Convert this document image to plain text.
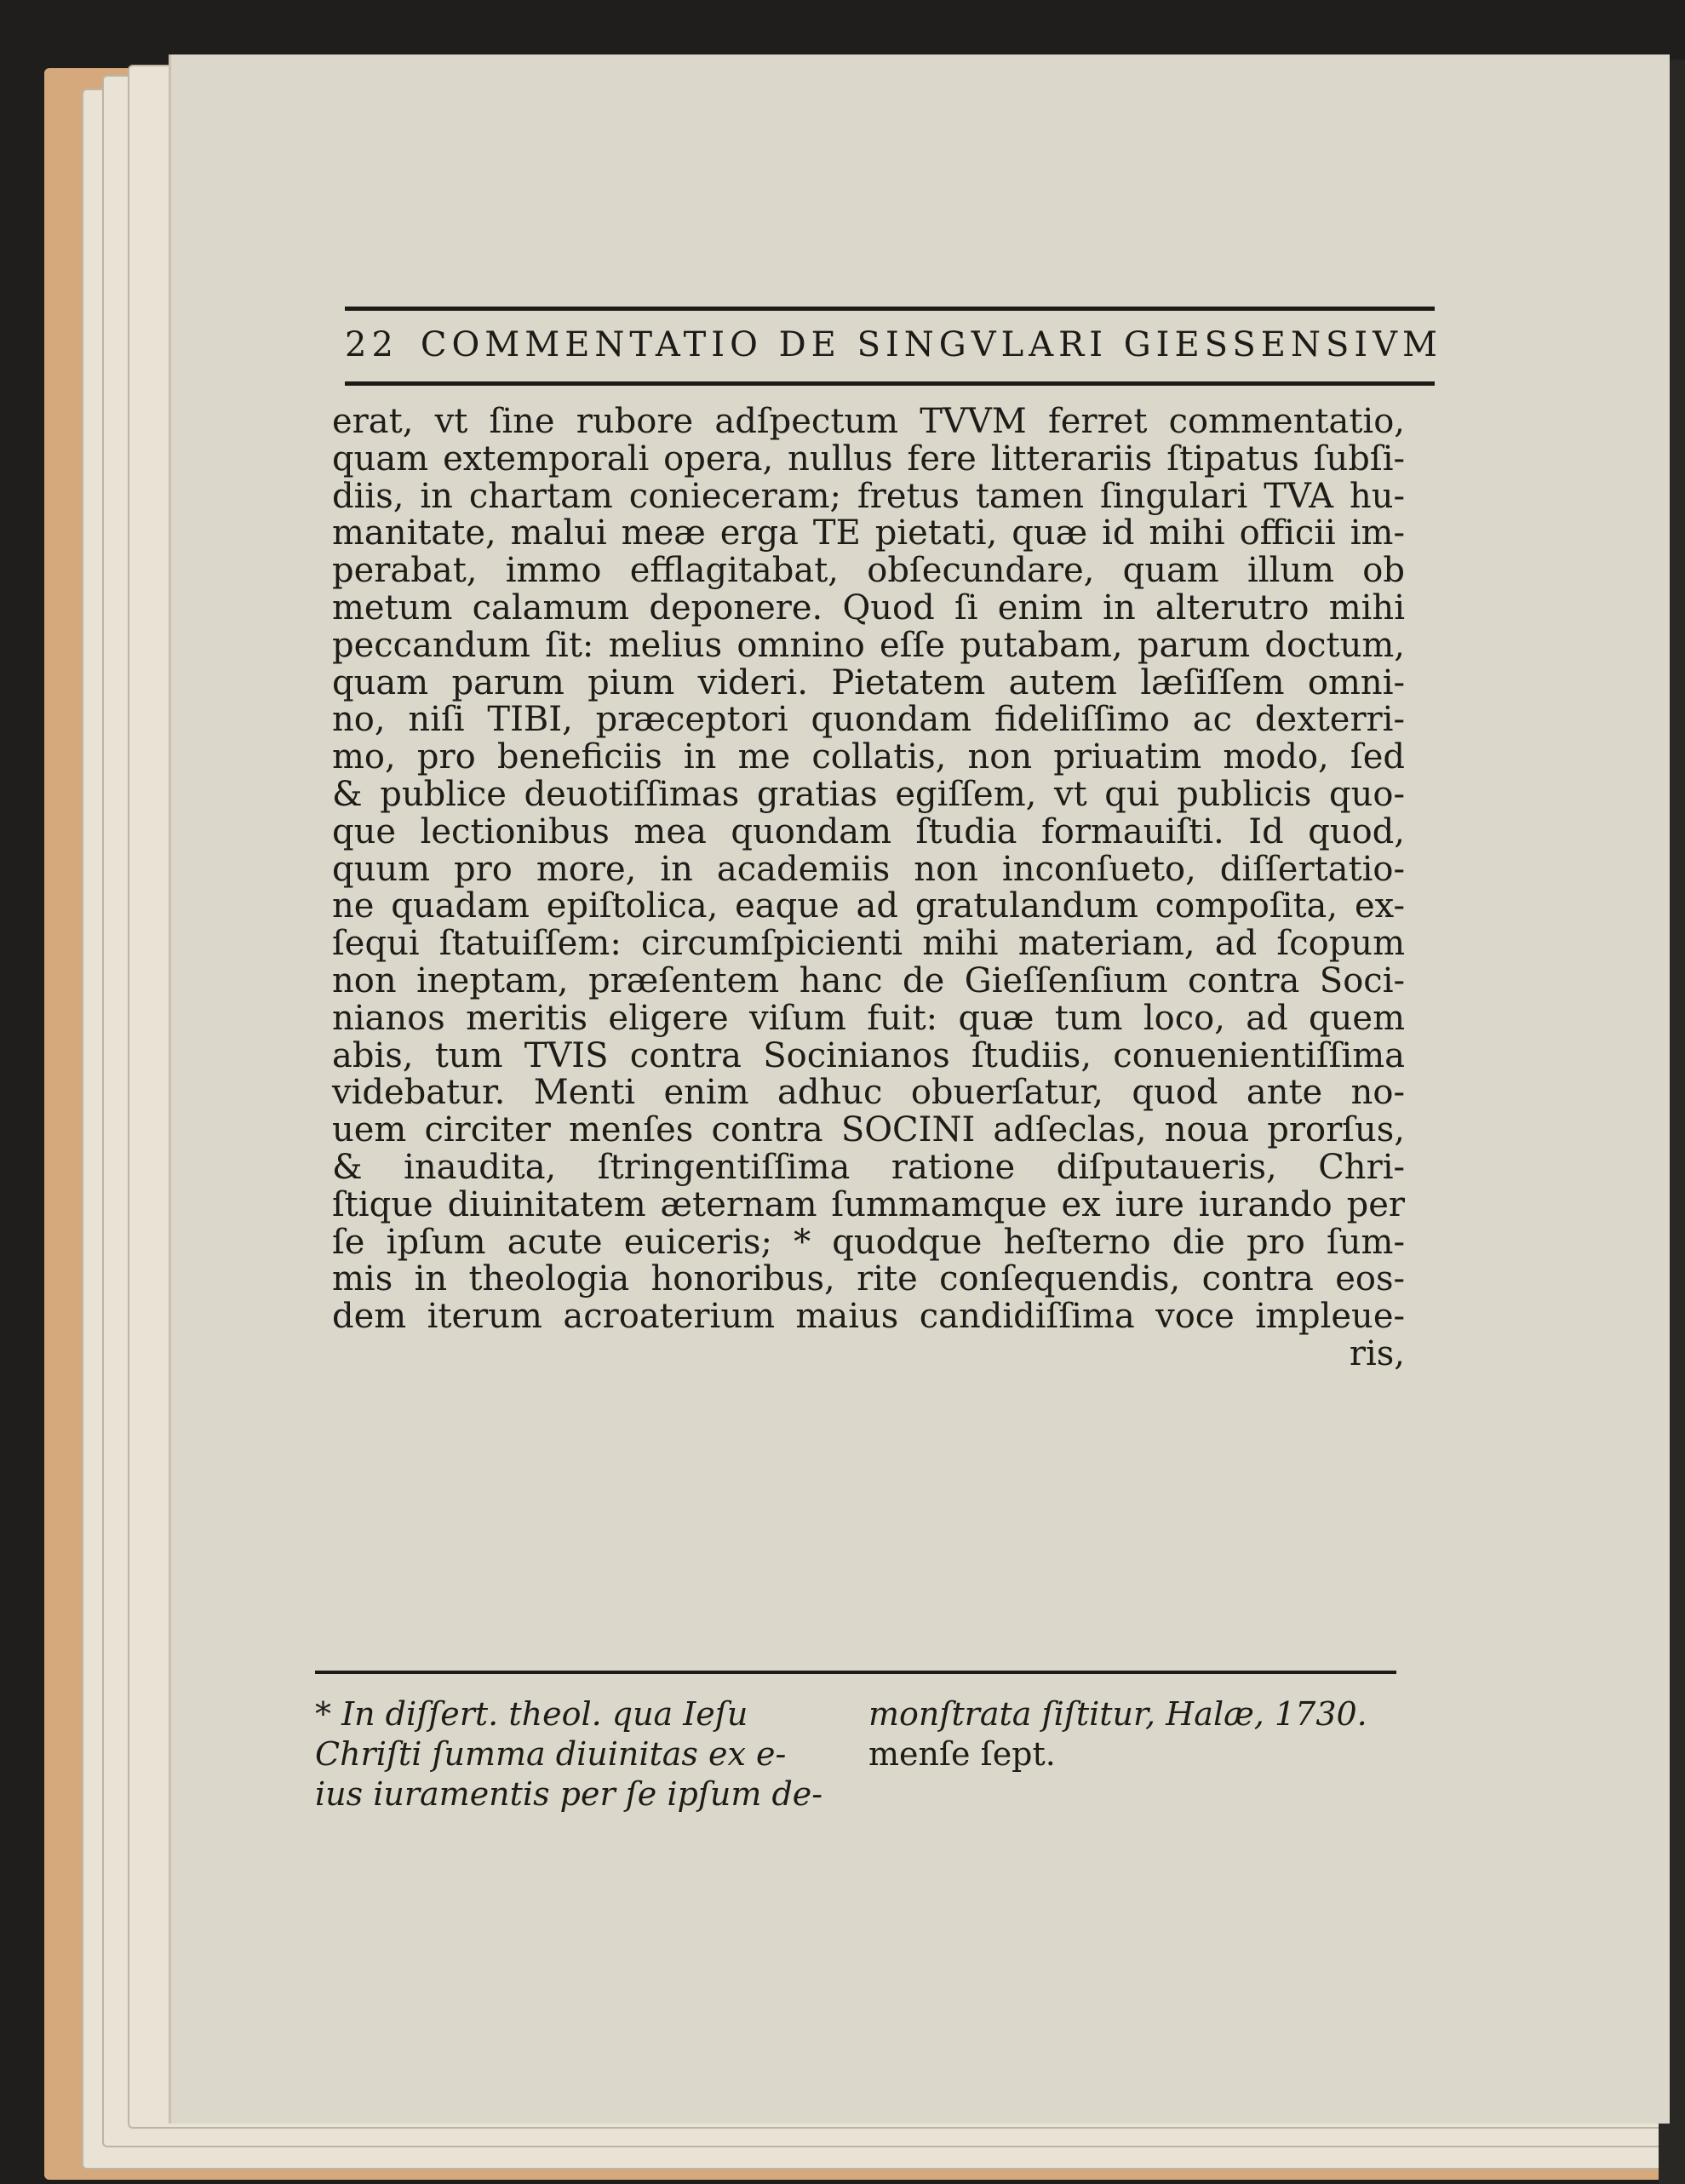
22 COMMENTATIO DE SINGVLARI GIESSENSIVM
erat, vt ſine rubore adſpectum TVVM ferret commentatio,
quam extemporali opera, nullus fere litterariis ſtipatus ſubſi-
diis, in chartam conieceram; fretus tamen ſingulari TVA hu-
manitate, malui meæ erga TE pietati, quæ id mihi officii im-
perabat, immo efflagitabat, obſecundare, quam illum ob
metum calamum deponere. Quod ſi enim in alterutro mihi
peccandum ſit: melius omnino eſſe putabam, parum doctum,
quam parum pium videri. Pietatem autem læſiſſem omni-
no, niſi TIBI, præceptori quondam fideliſſimo ac dexterri-
mo, pro beneficiis in me collatis, non priuatim modo, ſed
& publice deuotiſſimas gratias egiſſem, vt qui publicis quo-
que lectionibus mea quondam ſtudia formauiſti. Id quod,
quum pro more, in academiis non inconſueto, diſſertatio-
ne quadam epiſtolica, eaque ad gratulandum compoſita, ex-
ſequi ſtatuiſſem: circumſpicienti mihi materiam, ad ſcopum
non ineptam, præſentem hanc de Gieſſenſium contra Soci-
nianos meritis eligere viſum fuit: quæ tum loco, ad quem
abis, tum TVIS contra Socinianos ſtudiis, conuenientiſſima
videbatur. Menti enim adhuc obuerſatur, quod ante no-
uem circiter menſes contra SOCINI adſeclas, noua prorſus,
& inaudita, ſtringentiſſima ratione diſputaueris, Chri-
ſtique diuinitatem æternam ſummamque ex iure iurando per
ſe ipſum acute euiceris; * quodque heſterno die pro ſum-
mis in theologia honoribus, rite conſequendis, contra eos-
dem iterum acroaterium maius candidiſſima voce impleue-
ris,
* In diſſert. theol. qua Ieſu
Chriſti ſumma diuinitas ex e-
ius iuramentis per ſe ipſum de-
monſtrata ſiſtitur, Halæ, 1730.
menſe ſept.
